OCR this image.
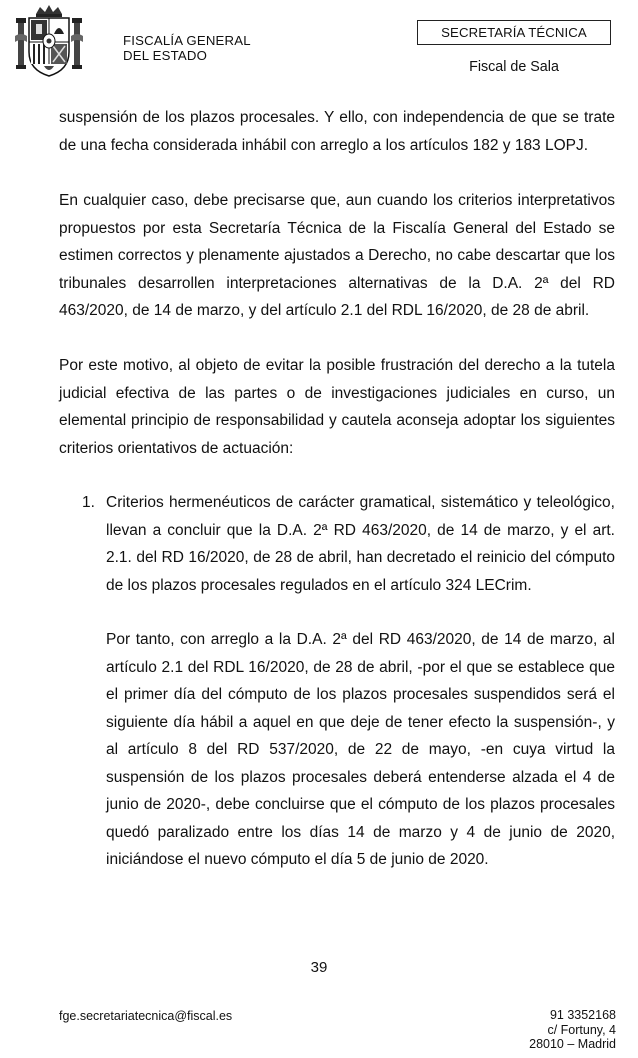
FISCALÍA GENERAL
DEL ESTADO
SECRETARÍA TÉCNICA
Fiscal de Sala

suspensión de los plazos procesales. Y ello, con independencia de que se trate de una fecha considerada inhábil con arreglo a los artículos 182 y 183 LOPJ.

En cualquier caso, debe precisarse que, aun cuando los criterios interpretativos propuestos por esta Secretaría Técnica de la Fiscalía General del Estado se estimen correctos y plenamente ajustados a Derecho, no cabe descartar que los tribunales desarrollen interpretaciones alternativas de la D.A. 2ª del RD 463/2020, de 14 de marzo, y del artículo 2.1 del RDL 16/2020, de 28 de abril.

Por este motivo, al objeto de evitar la posible frustración del derecho a la tutela judicial efectiva de las partes o de investigaciones judiciales en curso, un elemental principio de responsabilidad y cautela aconseja adoptar los siguientes criterios orientativos de actuación:

1. Criterios hermenéuticos de carácter gramatical, sistemático y teleológico, llevan a concluir que la D.A. 2ª RD 463/2020, de 14 de marzo, y el art. 2.1. del RD 16/2020, de 28 de abril, han decretado el reinicio del cómputo de los plazos procesales regulados en el artículo 324 LECrim.

Por tanto, con arreglo a la D.A. 2ª del RD 463/2020, de 14 de marzo, al artículo 2.1 del RDL 16/2020, de 28 de abril, -por el que se establece que el primer día del cómputo de los plazos procesales suspendidos será el siguiente día hábil a aquel en que deje de tener efecto la suspensión-, y al artículo 8 del RD 537/2020, de 22 de mayo, -en cuya virtud la suspensión de los plazos procesales deberá entenderse alzada el 4 de junio de 2020-, debe concluirse que el cómputo de los plazos procesales quedó paralizado entre los días 14 de marzo y 4 de junio de 2020, iniciándose el nuevo cómputo el día 5 de junio de 2020.

39
fge.secretariatecnica@fiscal.es	91 3352168
c/ Fortuny, 4
28010 – Madrid
